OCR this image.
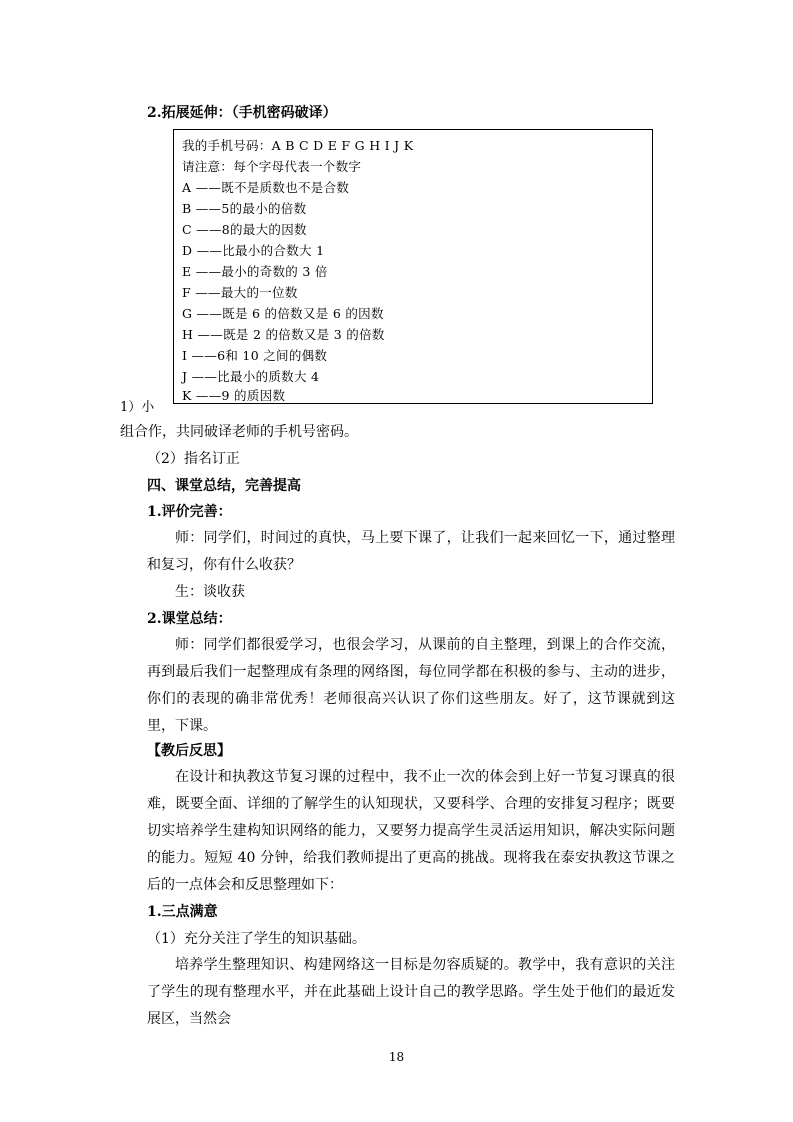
2.拓展延伸：（手机密码破译）
我的手机号码：A B C D E F G H I J K
请注意：每个字母代表一个数字
A ——既不是质数也不是合数
B ——5的最小的倍数
C ——8的最大的因数
D ——比最小的合数大 1
E ——最小的奇数的 3 倍
F ——最大的一位数
G ——既是 6 的倍数又是 6 的因数
H ——既是 2 的倍数又是 3 的倍数
I ——6和 10 之间的偶数
J ——比最小的质数大 4
K ——9 的质因数
1）小
组合作，共同破译老师的手机号密码。
（2）指名订正
四、课堂总结，完善提高
1.评价完善：
师：同学们，时间过的真快，马上要下课了，让我们一起来回忆一下，通过整理和复习，你有什么收获？
生：谈收获
2.课堂总结：
师：同学们都很爱学习，也很会学习，从课前的自主整理，到课上的合作交流，再到最后我们一起整理成有条理的网络图，每位同学都在积极的参与、主动的进步，你们的表现的确非常优秀！老师很高兴认识了你们这些朋友。好了，这节课就到这里，下课。
【教后反思】
在设计和执教这节复习课的过程中，我不止一次的体会到上好一节复习课真的很难，既要全面、详细的了解学生的认知现状，又要科学、合理的安排复习程序；既要切实培养学生建构知识网络的能力，又要努力提高学生灵活运用知识，解决实际问题的能力。短短 40 分钟，给我们教师提出了更高的挑战。现将我在泰安执教这节课之后的一点体会和反思整理如下：
1.三点满意
（1）充分关注了学生的知识基础。
培养学生整理知识、构建网络这一目标是勿容质疑的。教学中，我有意识的关注了学生的现有整理水平，并在此基础上设计自己的教学思路。学生处于他们的最近发展区，当然会
18
